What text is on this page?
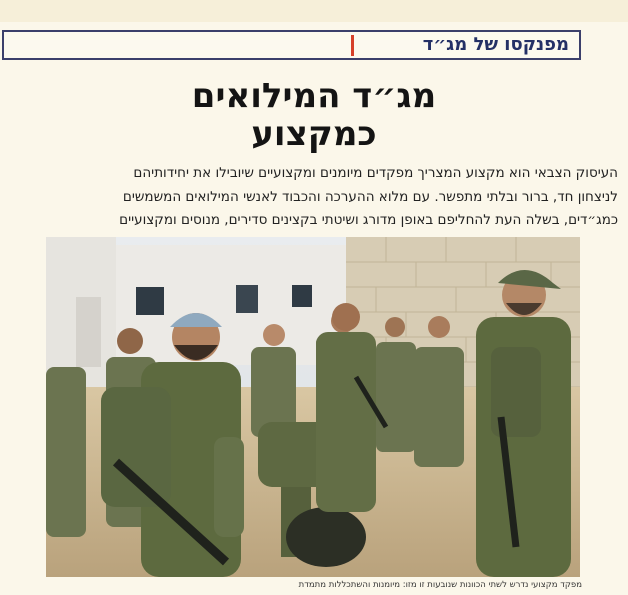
מפנקסו של מג״ד
מג״ד המילואים
כמקצוע
העיסוק הצבאי הוא מקצוע המצריך מפקדים מיומנים ומקצועיים שיובילו את יחידותיהם
לניצחון חד, ברור ובלתי מתפשר. עם מלוא ההערכה והכבוד לאנשי המילואים המשמשים
כמג״דים, בשלה העת להחליפם באופן מדורג ושיטתי בקצינים סדירים, מנוסים ומקצועיים
מפקד מקצועי נדרש לשתי הכוונות שנובעות זו מזו: מיומנות והשתכללות מתמדת
